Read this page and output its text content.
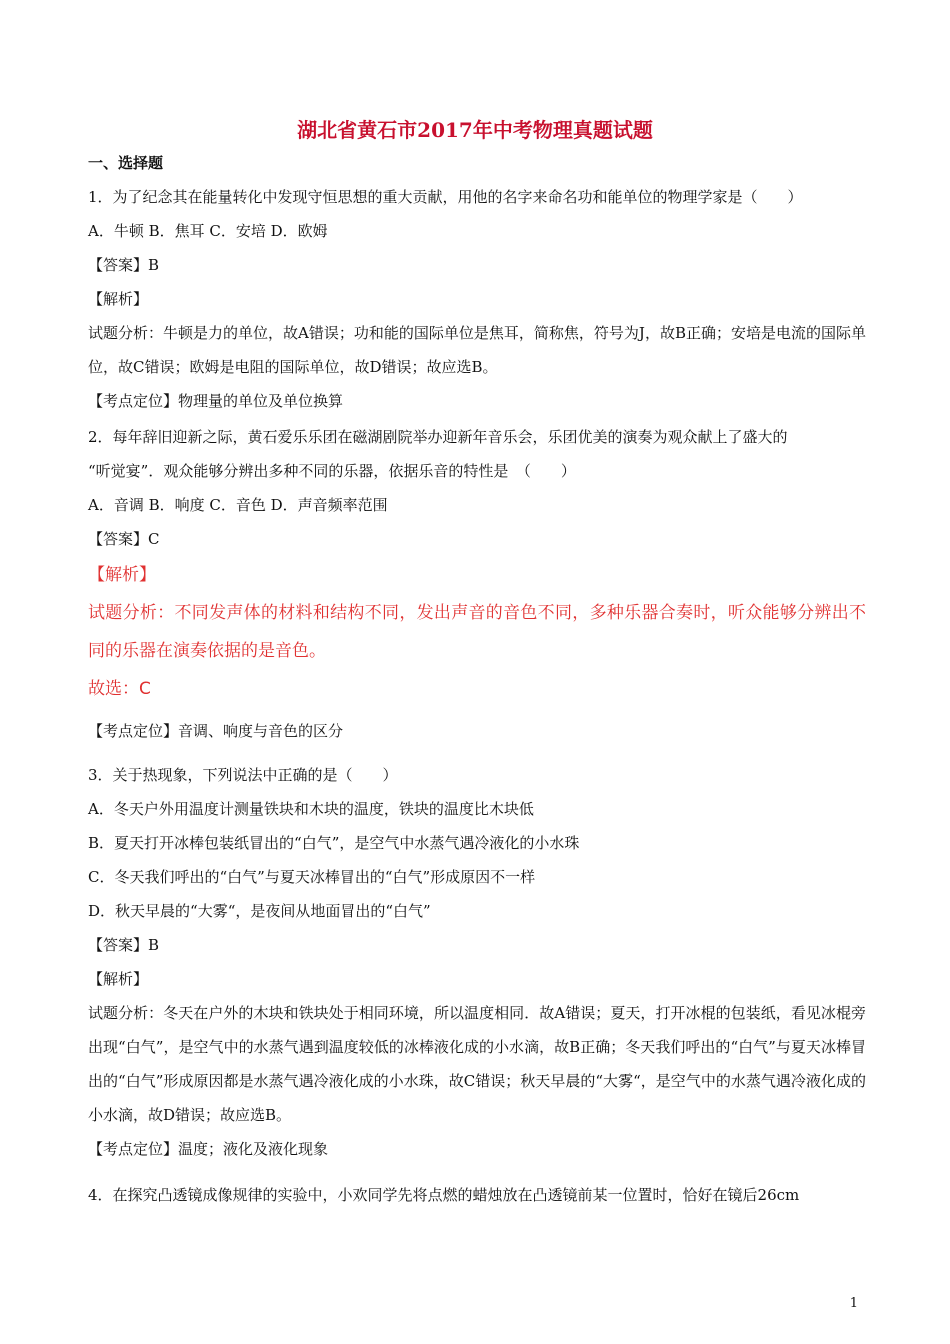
湖北省黄石市2017年中考物理真题试题
一、选择题
1．为了纪念其在能量转化中发现守恒思想的重大贡献，用他的名字来命名功和能单位的物理学家是（　　）
A．牛顿 B．焦耳 C．安培 D．欧姆
【答案】B
【解析】
试题分析：牛顿是力的单位，故A错误；功和能的国际单位是焦耳，简称焦，符号为J，故B正确；安培是电流的国际单位，故C错误；欧姆是电阻的国际单位，故D错误；故应选B。
【考点定位】物理量的单位及单位换算
2．每年辞旧迎新之际，黄石爱乐乐团在磁湖剧院举办迎新年音乐会，乐团优美的演奏为观众献上了盛大的
“听觉宴”．观众能够分辨出多种不同的乐器，依据乐音的特性是　（　　）
A．音调 B．响度 C．音色 D．声音频率范围
【答案】C
【解析】
试题分析：不同发声体的材料和结构不同，发出声音的音色不同，多种乐器合奏时，听众能够分辨出不同的乐器在演奏依据的是音色。
故选：C
【考点定位】音调、响度与音色的区分
3．关于热现象，下列说法中正确的是（　　）
A．冬天户外用温度计测量铁块和木块的温度，铁块的温度比木块低
B．夏天打开冰棒包装纸冒出的“白气”，是空气中水蒸气遇冷液化的小水珠
C．冬天我们呼出的“白气”与夏天冰棒冒出的“白气”形成原因不一样
D．秋天早晨的“大雾“，是夜间从地面冒出的“白气”
【答案】B
【解析】
试题分析：冬天在户外的木块和铁块处于相同环境，所以温度相同．故A错误；夏天，打开冰棍的包装纸，看见冰棍旁出现“白气”，是空气中的水蒸气遇到温度较低的冰棒液化成的小水滴，故B正确；冬天我们呼出的“白气”与夏天冰棒冒出的“白气”形成原因都是水蒸气遇冷液化成的小水珠，故C错误；秋天早晨的“大雾“，是空气中的水蒸气遇冷液化成的小水滴，故D错误；故应选B。
【考点定位】温度；液化及液化现象
4．在探究凸透镜成像规律的实验中，小欢同学先将点燃的蜡烛放在凸透镜前某一位置时，恰好在镜后26cm
1
